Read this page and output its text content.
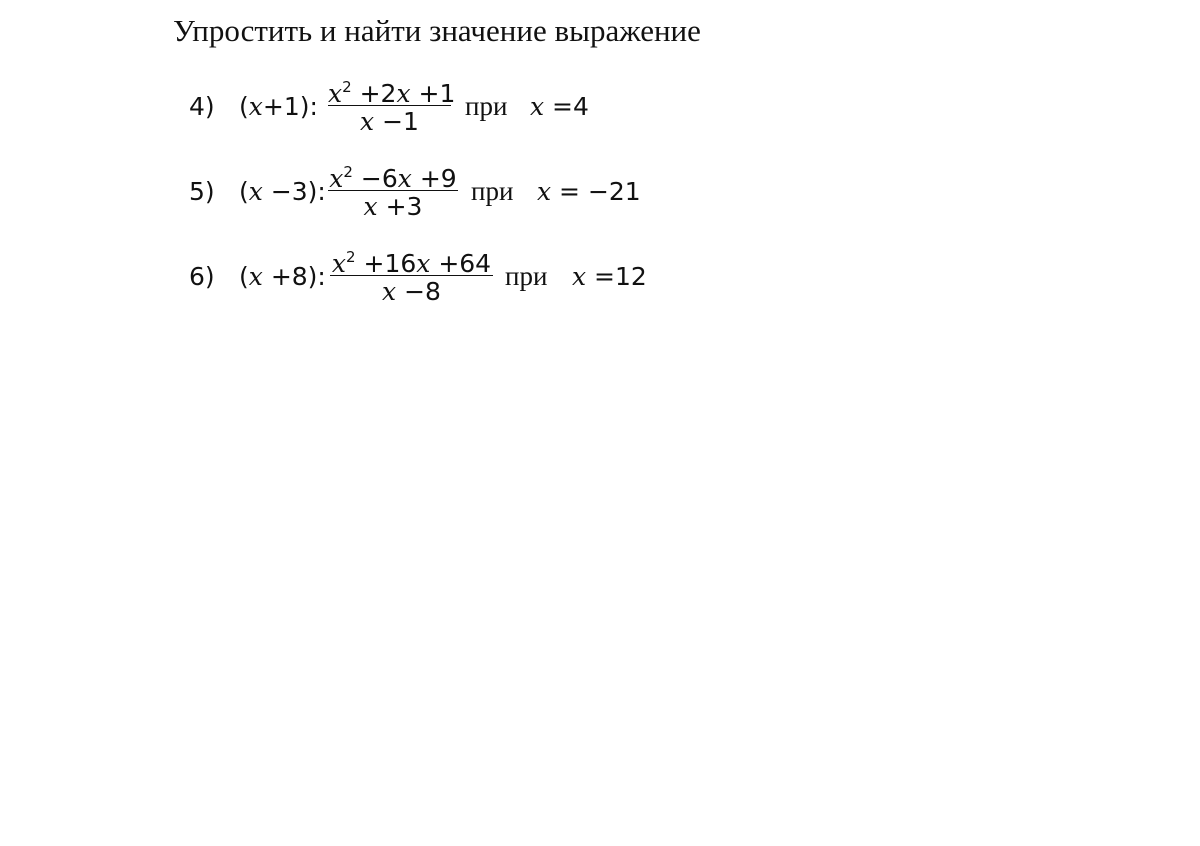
Упростить и найти значение выражение
4) (x+1): $x^2 +2x +1$
x −1
при x =4
5) (x −3): $x^2 -6x +9$
x +3
при x = −21
6) (x +8): $x^2 +16x +64$
x −8
при x =12
